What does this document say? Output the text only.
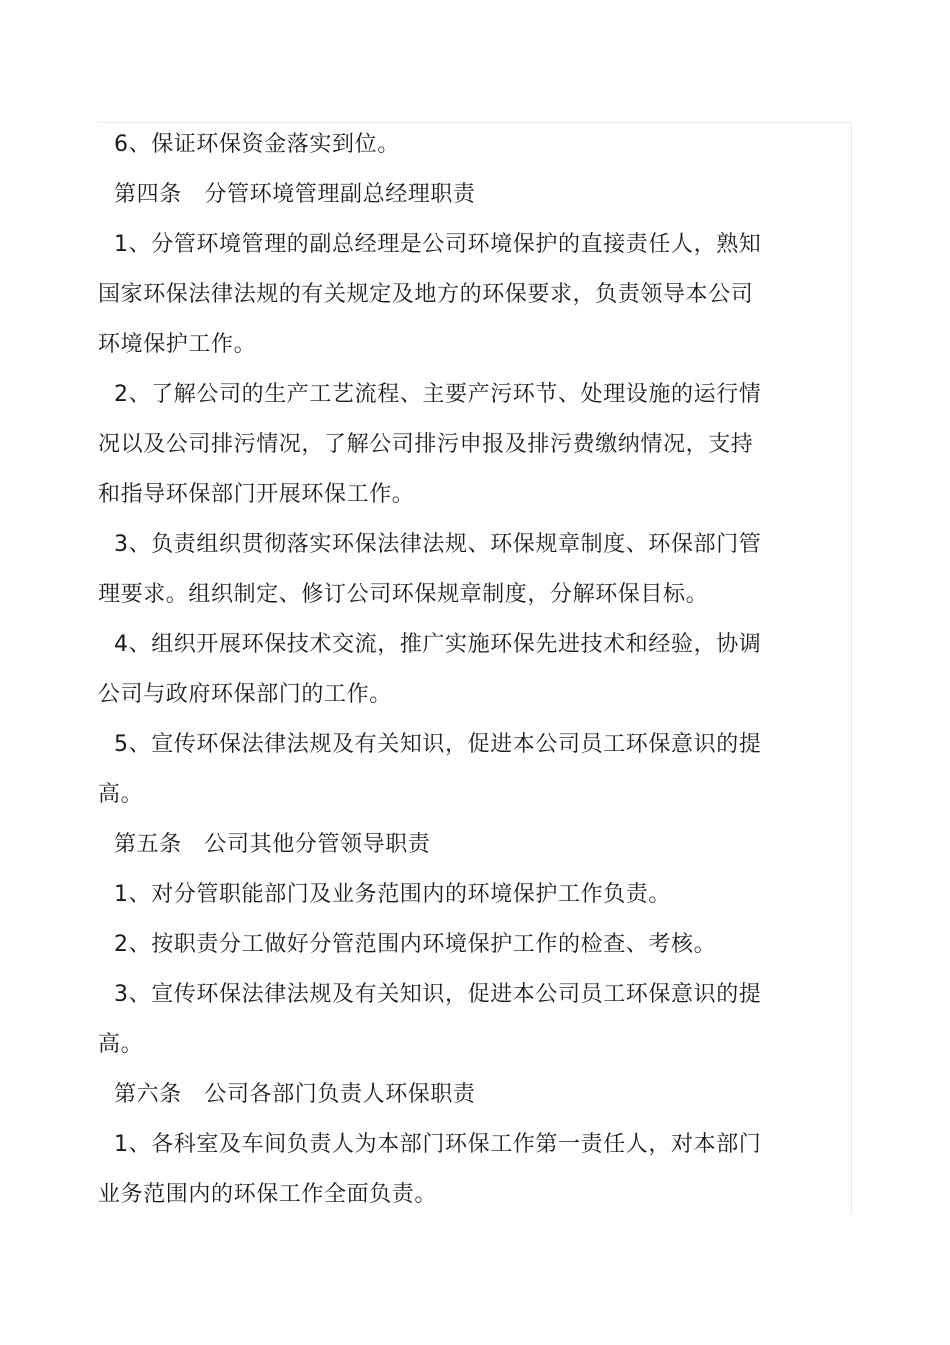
6、保证环保资金落实到位。
第四条　分管环境管理副总经理职责
1、分管环境管理的副总经理是公司环境保护的直接责任人，熟知
国家环保法律法规的有关规定及地方的环保要求，负责领导本公司
环境保护工作。
2、了解公司的生产工艺流程、主要产污环节、处理设施的运行情
况以及公司排污情况，了解公司排污申报及排污费缴纳情况，支持
和指导环保部门开展环保工作。
3、负责组织贯彻落实环保法律法规、环保规章制度、环保部门管
理要求。组织制定、修订公司环保规章制度，分解环保目标。
4、组织开展环保技术交流，推广实施环保先进技术和经验，协调
公司与政府环保部门的工作。
5、宣传环保法律法规及有关知识，促进本公司员工环保意识的提
高。
第五条　公司其他分管领导职责
1、对分管职能部门及业务范围内的环境保护工作负责。
2、按职责分工做好分管范围内环境保护工作的检查、考核。
3、宣传环保法律法规及有关知识，促进本公司员工环保意识的提
高。
第六条　公司各部门负责人环保职责
1、各科室及车间负责人为本部门环保工作第一责任人，对本部门
业务范围内的环保工作全面负责。
